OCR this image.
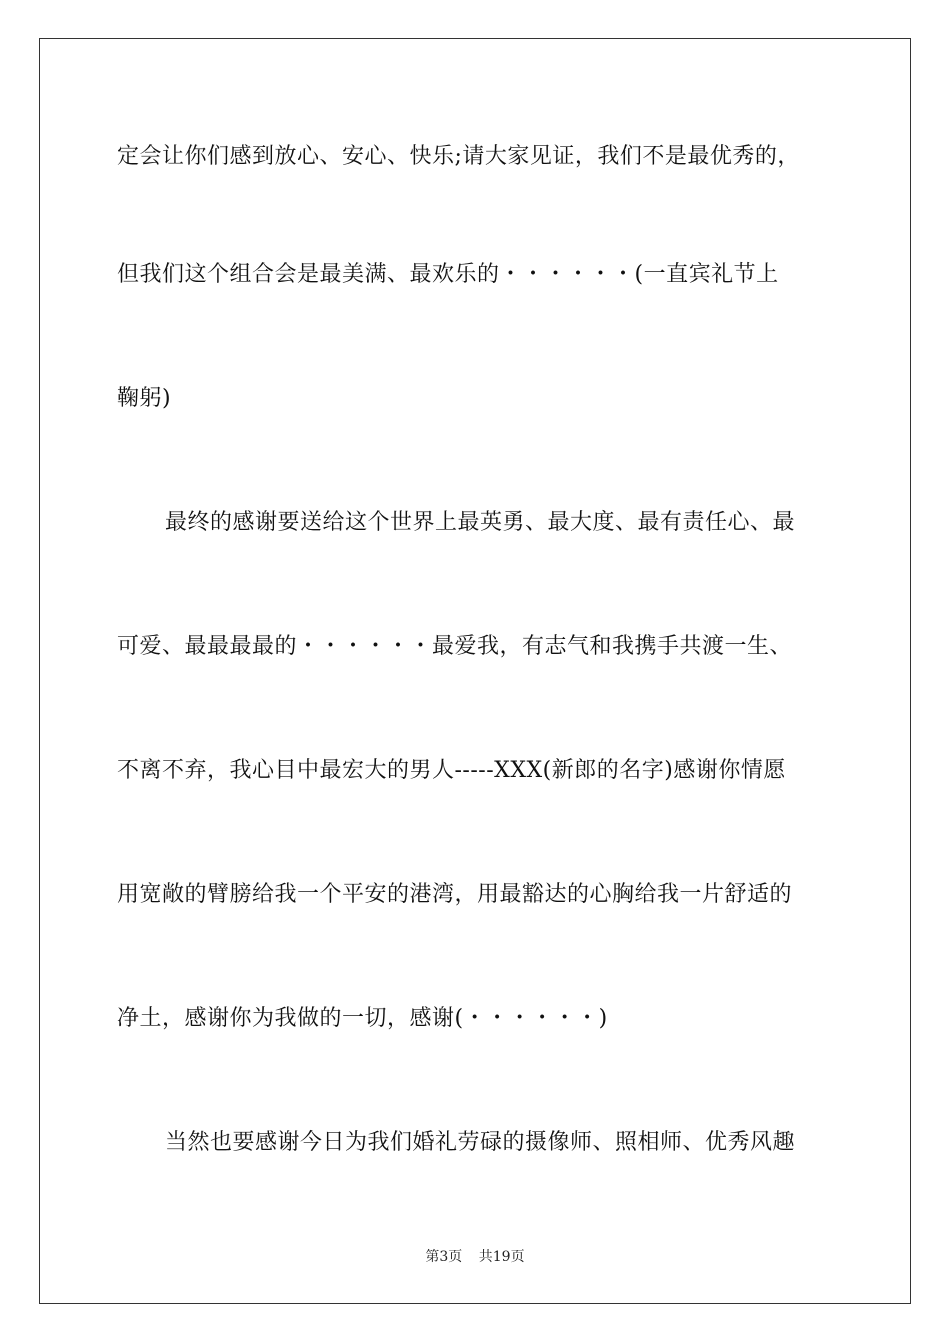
定会让你们感到放心、安心、快乐;请大家见证，我们不是最优秀的，
但我们这个组合会是最美满、最欢乐的・・・・・・(一直宾礼节上
鞠躬)
最终的感谢要送给这个世界上最英勇、最大度、最有责任心、最
可爱、最最最最的・・・・・・最爱我，有志气和我携手共渡一生、
不离不弃，我心目中最宏大的男人-----XXX(新郎的名字)感谢你情愿
用宽敞的臂膀给我一个平安的港湾，用最豁达的心胸给我一片舒适的
净土，感谢你为我做的一切，感谢(・・・・・・)
当然也要感谢今日为我们婚礼劳碌的摄像师、照相师、优秀风趣
第3页 共19页
